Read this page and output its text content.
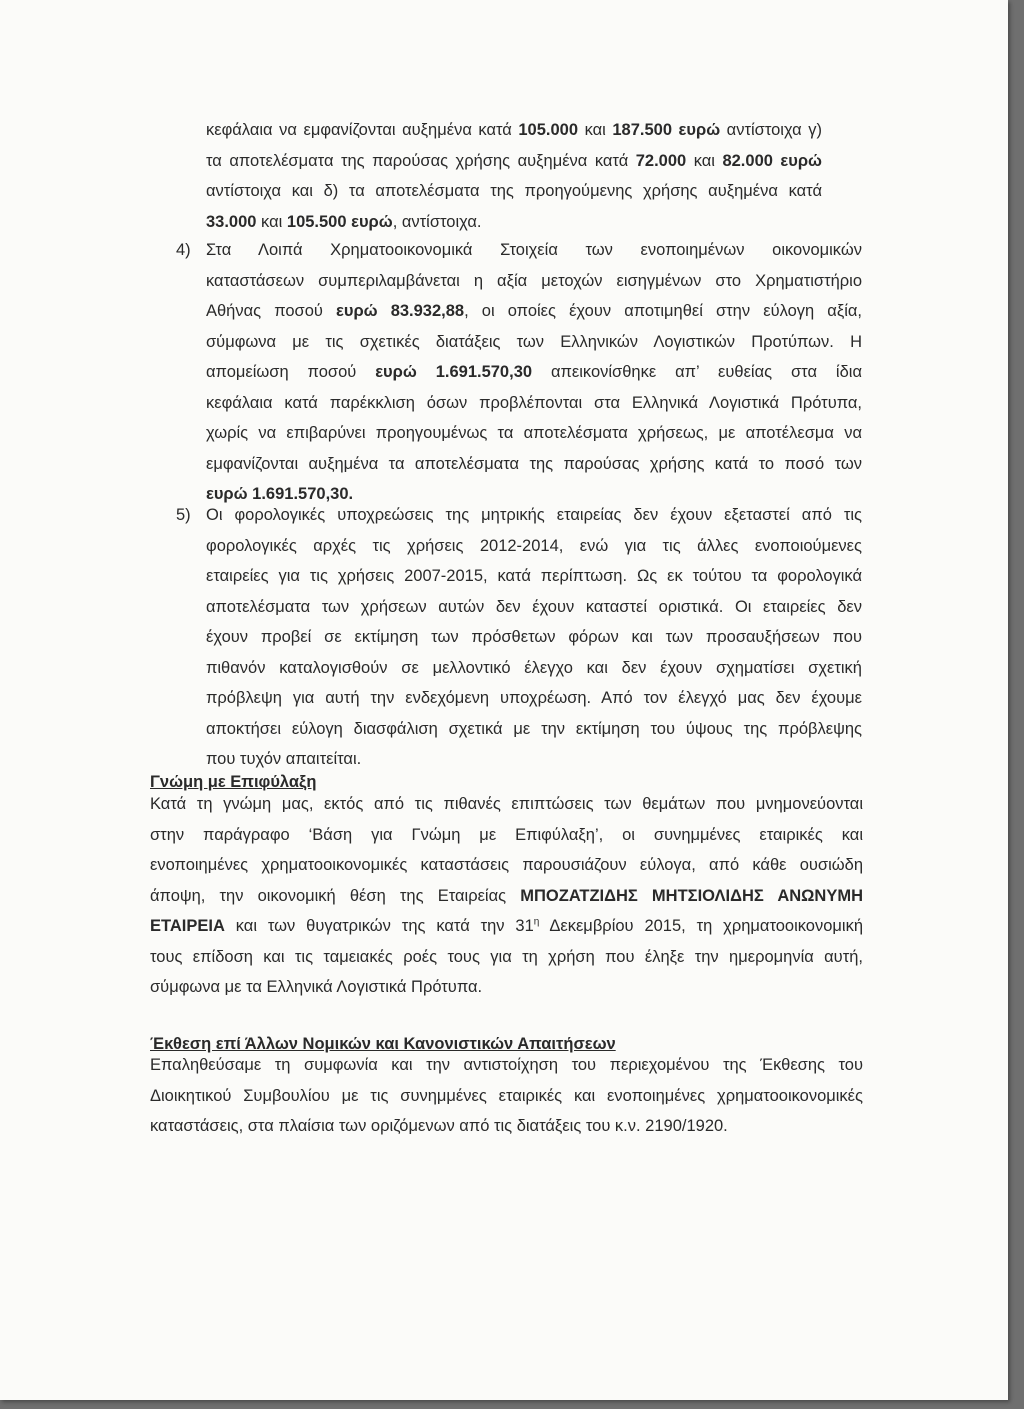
κεφάλαια να εμφανίζονται αυξημένα κατά 105.000 και 187.500 ευρώ αντίστοιχα γ)
τα αποτελέσματα της παρούσας χρήσης αυξημένα κατά 72.000 και 82.000 ευρώ
αντίστοιχα και δ) τα αποτελέσματα της προηγούμενης χρήσης αυξημένα κατά
33.000 και 105.500 ευρώ, αντίστοιχα.
4) Στα Λοιπά Χρηματοοικονομικά Στοιχεία των ενοποιημένων οικονομικών
καταστάσεων συμπεριλαμβάνεται η αξία μετοχών εισηγμένων στο Χρηματιστήριο
Αθήνας ποσού ευρώ 83.932,88, οι οποίες έχουν αποτιμηθεί στην εύλογη αξία,
σύμφωνα με τις σχετικές διατάξεις των Ελληνικών Λογιστικών Προτύπων. Η
απομείωση ποσού ευρώ 1.691.570,30 απεικονίσθηκε απ’ ευθείας στα ίδια
κεφάλαια κατά παρέκκλιση όσων προβλέπονται στα Ελληνικά Λογιστικά Πρότυπα,
χωρίς να επιβαρύνει προηγουμένως τα αποτελέσματα χρήσεως, με αποτέλεσμα να
εμφανίζονται αυξημένα τα αποτελέσματα της παρούσας χρήσης κατά το ποσό των
ευρώ 1.691.570,30.
5) Οι φορολογικές υποχρεώσεις της μητρικής εταιρείας δεν έχουν εξεταστεί από τις
φορολογικές αρχές τις χρήσεις 2012-2014, ενώ για τις άλλες ενοποιούμενες
εταιρείες για τις χρήσεις 2007-2015, κατά περίπτωση. Ως εκ τούτου τα φορολογικά
αποτελέσματα των χρήσεων αυτών δεν έχουν καταστεί οριστικά. Οι εταιρείες δεν
έχουν προβεί σε εκτίμηση των πρόσθετων φόρων και των προσαυξήσεων που
πιθανόν καταλογισθούν σε μελλοντικό έλεγχο και δεν έχουν σχηματίσει σχετική
πρόβλεψη για αυτή την ενδεχόμενη υποχρέωση. Από τον έλεγχό μας δεν έχουμε
αποκτήσει εύλογη διασφάλιση σχετικά με την εκτίμηση του ύψους της πρόβλεψης
που τυχόν απαιτείται.
Γνώμη με Επιφύλαξη
Κατά τη γνώμη μας, εκτός από τις πιθανές επιπτώσεις των θεμάτων που μνημονεύονται
στην παράγραφο ‘Βάση για Γνώμη με Επιφύλαξη’, οι συνημμένες εταιρικές και
ενοποιημένες χρηματοοικονομικές καταστάσεις παρουσιάζουν εύλογα, από κάθε ουσιώδη
άποψη, την οικονομική θέση της Εταιρείας ΜΠΟΖΑΤΖΙΔΗΣ ΜΗΤΣΙΟΛΙΔΗΣ ΑΝΩΝΥΜΗ
ΕΤΑΙΡΕΙΑ και των θυγατρικών της κατά την $31^\eta$ Δεκεμβρίου 2015, τη χρηματοοικονομική
τους επίδοση και τις ταμειακές ροές τους για τη χρήση που έληξε την ημερομηνία αυτή,
σύμφωνα με τα Ελληνικά Λογιστικά Πρότυπα.
Έκθεση επί Άλλων Νομικών και Κανονιστικών Απαιτήσεων
Επαληθεύσαμε τη συμφωνία και την αντιστοίχηση του περιεχομένου της Έκθεσης του
Διοικητικού Συμβουλίου με τις συνημμένες εταιρικές και ενοποιημένες χρηματοοικονομικές
καταστάσεις, στα πλαίσια των οριζόμενων από τις διατάξεις του κ.ν. 2190/1920.
